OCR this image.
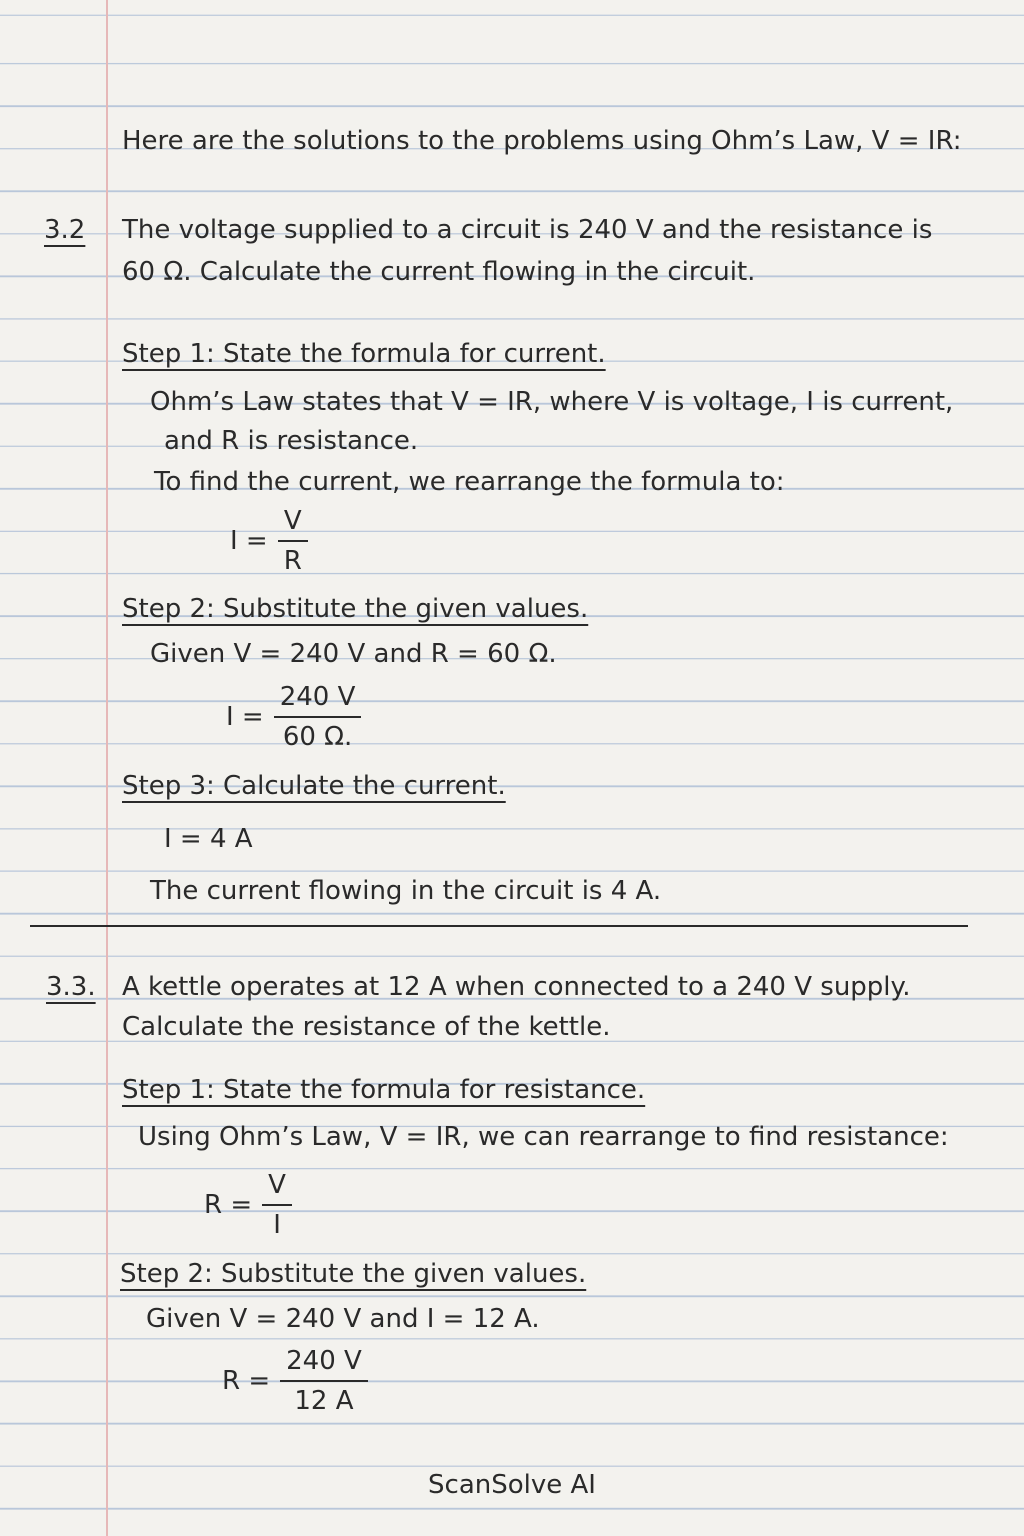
Here are the solutions to the problems using Ohm’s Law, V = IR:
3.2 The voltage supplied to a circuit is 240 V and the resistance is
60 Ω. Calculate the current flowing in the circuit.
Step 1: State the formula for current.
Ohm’s Law states that V = IR, where V is voltage, I is current,
and R is resistance.
To find the current, we rearrange the formula to:
$I = \frac{V}{R}$
Step 2: Substitute the given values.
Given V = 240 V and R = 60 Ω.
$I = \frac{240 V}{60 \Omega.}$
Step 3: Calculate the current.
I = 4 A
The current flowing in the circuit is 4 A.
3.3. A kettle operates at 12 A when connected to a 240 V supply.
Calculate the resistance of the kettle.
Step 1: State the formula for resistance.
Using Ohm’s Law, V = IR, we can rearrange to find resistance:
$R = \frac{V}{I}$
Step 2: Substitute the given values.
Given V = 240 V and I = 12 A.
$R = \frac{240 V}{12 A}$
ScanSolve AI
